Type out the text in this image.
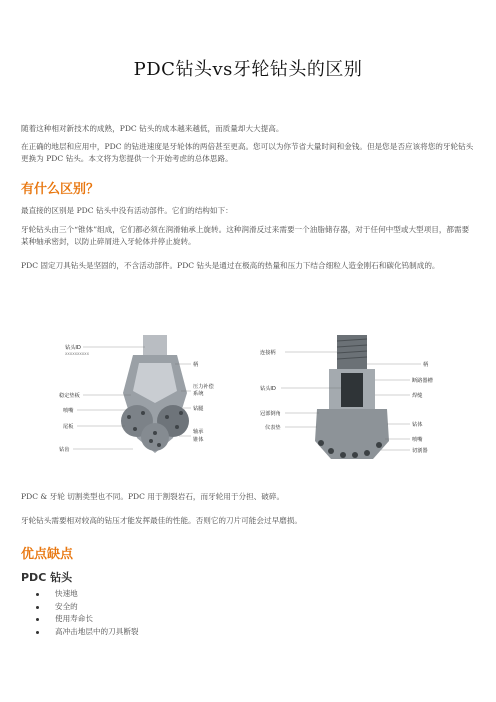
PDC钻头vs牙轮钻头的区别
随着这种相对新技术的成熟，PDC 钻头的成本越来越低，而质量却大大提高。
在正确的地层和应用中，PDC 的钻进速度是牙轮体的两倍甚至更高。您可以为你节省大量时间和金钱。但是您是否应该将您的牙轮钻头更换为 PDC 钻头。本文将为您提供一个开始考虑的总体思路。
有什么区别？
最直接的区别是 PDC 钻头中没有活动部件。它们的结构如下：
牙轮钻头由三个“锥体”组成，它们都必须在润滑轴承上旋转。这种润滑反过来需要一个油脂储存器，对于任何中型或大型项目，都需要某种轴承密封，以防止碎屑进入牙轮体并停止旋转。
PDC 固定刀具钻头是坚固的，不含活动部件。PDC 钻头是通过在极高的热量和压力下结合细粒人造金刚石和碳化钨制成的。
钻头ID
XXXXXXXXXX
稳定垫板
喷嘴
尾板
钻齿
柄
压力补偿
系统
钻腿
轴承
锥体
连接柄
钻头ID
冠部倒角
仪表垫
柄
断路器槽
焊缝
钻体
喷嘴
切割器
PDC & 牙轮 切割类型也不同。PDC 用于割裂岩石，而牙轮用于分担、破碎。
牙轮钻头需要相对较高的钻压才能发挥最佳的性能。否则它的刀片可能会过早磨损。
优点缺点
PDC 钻头
快速地
安全的
使用寿命长
高冲击地层中的刀具断裂
